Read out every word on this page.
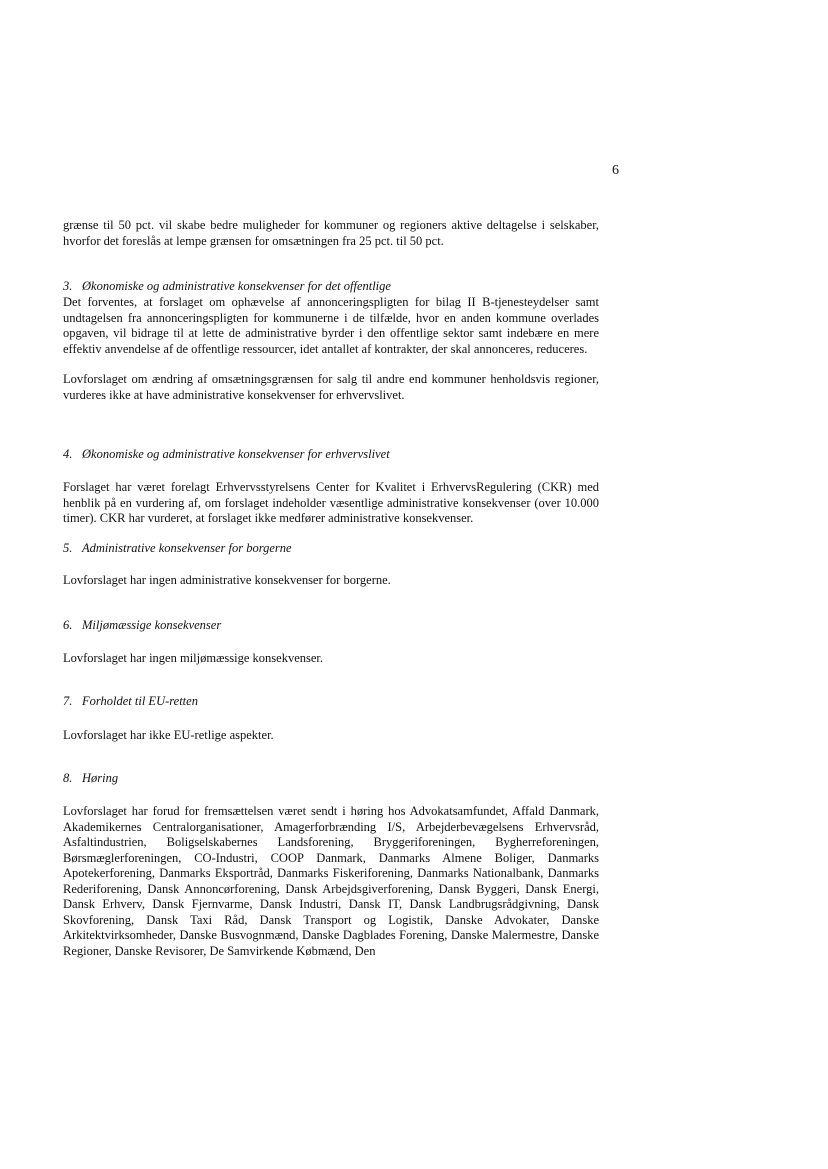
6

grænse til 50 pct. vil skabe bedre muligheder for kommuner og regioners aktive deltagelse i selskaber, hvorfor det foreslås at lempe grænsen for omsætningen fra 25 pct. til 50 pct.

3. Økonomiske og administrative konsekvenser for det offentlige

Det forventes, at forslaget om ophævelse af annonceringspligten for bilag II B-tjenesteydelser samt undtagelsen fra annonceringspligten for kommunerne i de tilfælde, hvor en anden kommune overlades opgaven, vil bidrage til at lette de administrative byrder i den offentlige sektor samt indebære en mere effektiv anvendelse af de offentlige ressourcer, idet antallet af kontrakter, der skal annonceres, reduceres.

Lovforslaget om ændring af omsætningsgrænsen for salg til andre end kommuner henholdsvis regioner, vurderes ikke at have administrative konsekvenser for erhvervslivet.

4. Økonomiske og administrative konsekvenser for erhvervslivet

Forslaget har været forelagt Erhvervsstyrelsens Center for Kvalitet i ErhvervsRegulering (CKR) med henblik på en vurdering af, om forslaget indeholder væsentlige administrative konsekvenser (over 10.000 timer). CKR har vurderet, at forslaget ikke medfører administrative konsekvenser.

5. Administrative konsekvenser for borgerne

Lovforslaget har ingen administrative konsekvenser for borgerne.

6. Miljømæssige konsekvenser

Lovforslaget har ingen miljømæssige konsekvenser.

7. Forholdet til EU-retten

Lovforslaget har ikke EU-retlige aspekter.

8. Høring

Lovforslaget har forud for fremsættelsen været sendt i høring hos Advokatsamfundet, Affald Danmark, Akademikernes Centralorganisationer, Amagerforbrænding I/S, Arbejderbevægelsens Erhvervsråd, Asfaltindustrien, Boligselskabernes Landsforening, Bryggeriforeningen, Bygherreforeningen, Børsmæglerforeningen, CO-Industri, COOP Danmark, Danmarks Almene Boliger, Danmarks Apotekerforening, Danmarks Eksportråd, Danmarks Fiskeriforening, Danmarks Nationalbank, Danmarks Rederiforening, Dansk Annoncørforening, Dansk Arbejdsgiverforening, Dansk Byggeri, Dansk Energi, Dansk Erhverv, Dansk Fjernvarme, Dansk Industri, Dansk IT, Dansk Landbrugsrådgivning, Dansk Skovforening, Dansk Taxi Råd, Dansk Transport og Logistik, Danske Advokater, Danske Arkitektvirksomheder, Danske Busvognmænd, Danske Dagblades Forening, Danske Malermestre, Danske Regioner, Danske Revisorer, De Samvirkende Købmænd, Den
